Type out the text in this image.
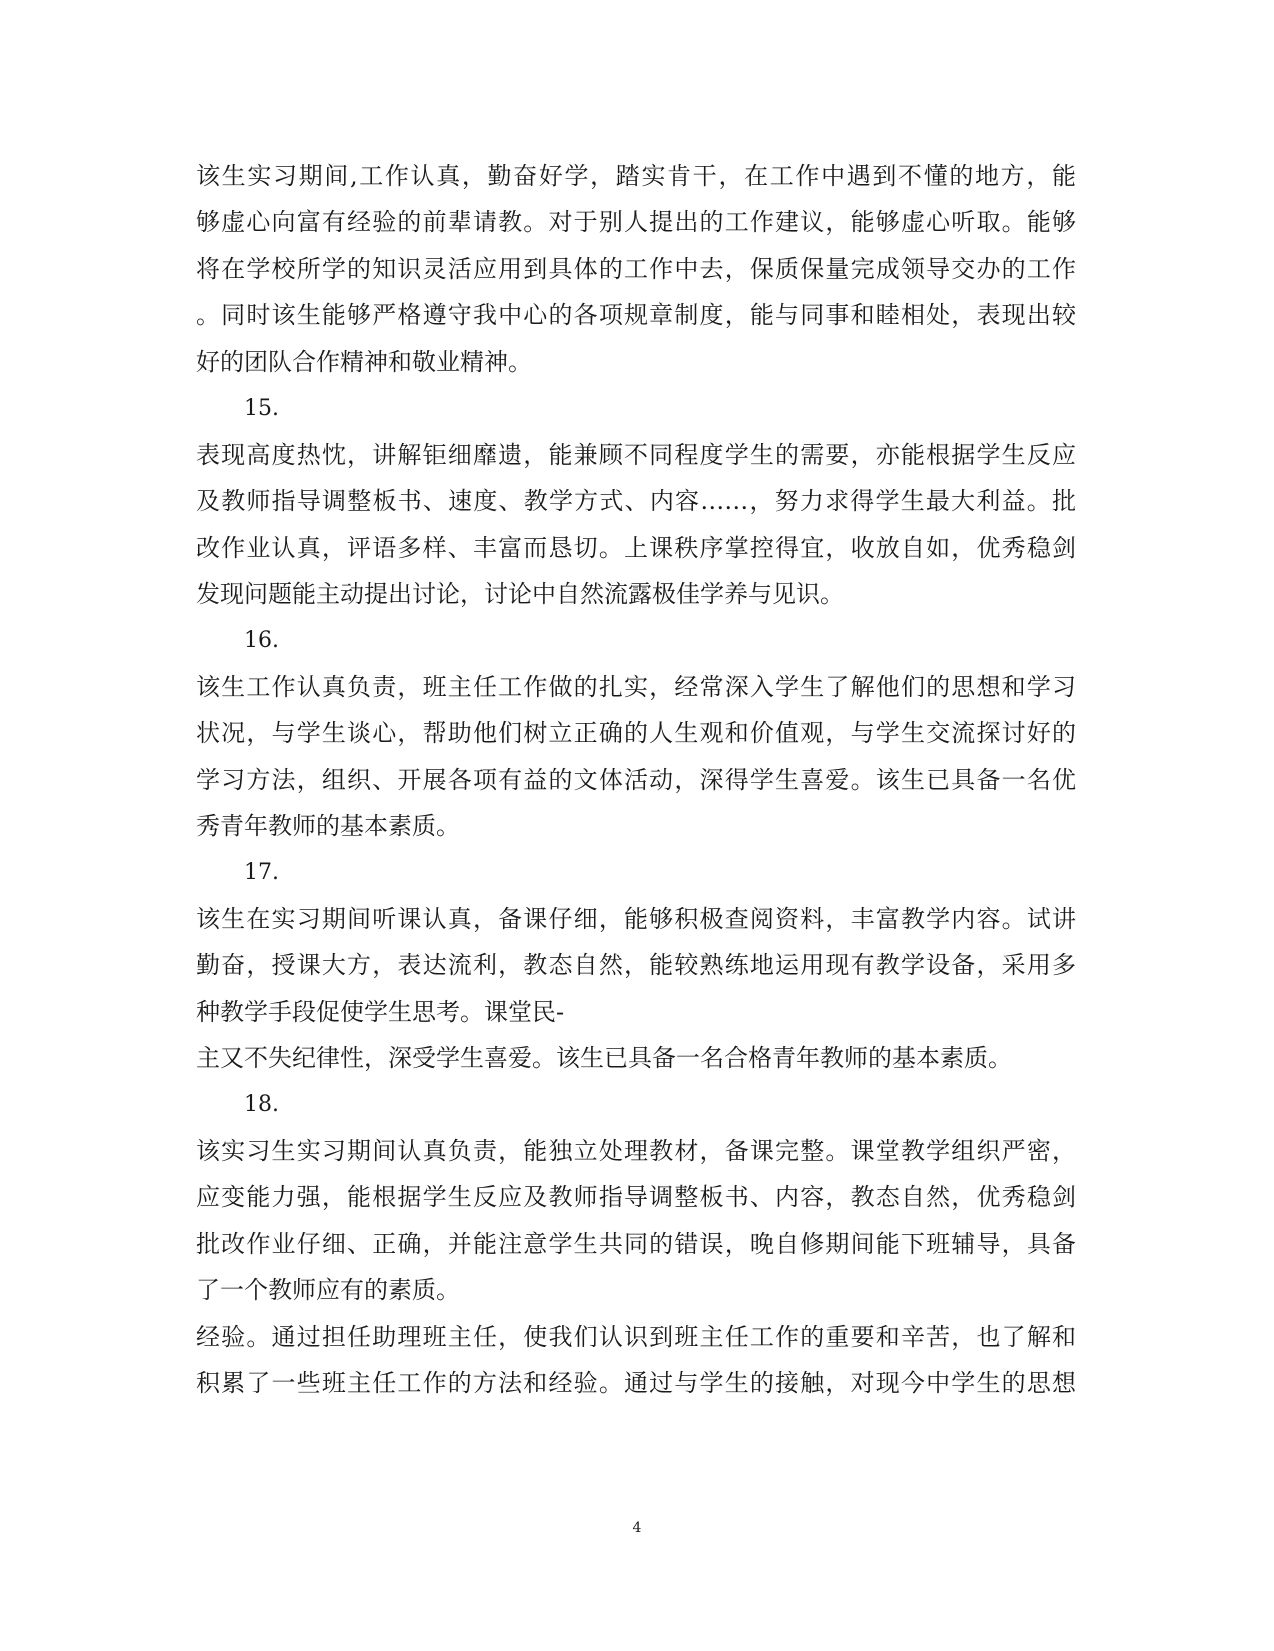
该生实习期间,工作认真，勤奋好学，踏实肯干，在工作中遇到不懂的地方，能
够虚心向富有经验的前辈请教。对于别人提出的工作建议，能够虚心听取。能够
将在学校所学的知识灵活应用到具体的工作中去，保质保量完成领导交办的工作
。同时该生能够严格遵守我中心的各项规章制度，能与同事和睦相处，表现出较
好的团队合作精神和敬业精神。
15.
表现高度热忱，讲解钜细靡遗，能兼顾不同程度学生的需要，亦能根据学生反应
及教师指导调整板书、速度、教学方式、内容……，努力求得学生最大利益。批
改作业认真，评语多样、丰富而恳切。上课秩序掌控得宜，收放自如，优秀稳剑
发现问题能主动提出讨论，讨论中自然流露极佳学养与见识。
16.
该生工作认真负责，班主任工作做的扎实，经常深入学生了解他们的思想和学习
状况，与学生谈心，帮助他们树立正确的人生观和价值观，与学生交流探讨好的
学习方法，组织、开展各项有益的文体活动，深得学生喜爱。该生已具备一名优
秀青年教师的基本素质。
17.
该生在实习期间听课认真，备课仔细，能够积极查阅资料，丰富教学内容。试讲
勤奋，授课大方，表达流利，教态自然，能较熟练地运用现有教学设备，采用多
种教学手段促使学生思考。课堂民-
主又不失纪律性，深受学生喜爱。该生已具备一名合格青年教师的基本素质。
18.
该实习生实习期间认真负责，能独立处理教材，备课完整。课堂教学组织严密，
应变能力强，能根据学生反应及教师指导调整板书、内容，教态自然，优秀稳剑
批改作业仔细、正确，并能注意学生共同的错误，晚自修期间能下班辅导，具备
了一个教师应有的素质。
经验。通过担任助理班主任，使我们认识到班主任工作的重要和辛苦，也了解和
积累了一些班主任工作的方法和经验。通过与学生的接触，对现今中学生的思想
4
